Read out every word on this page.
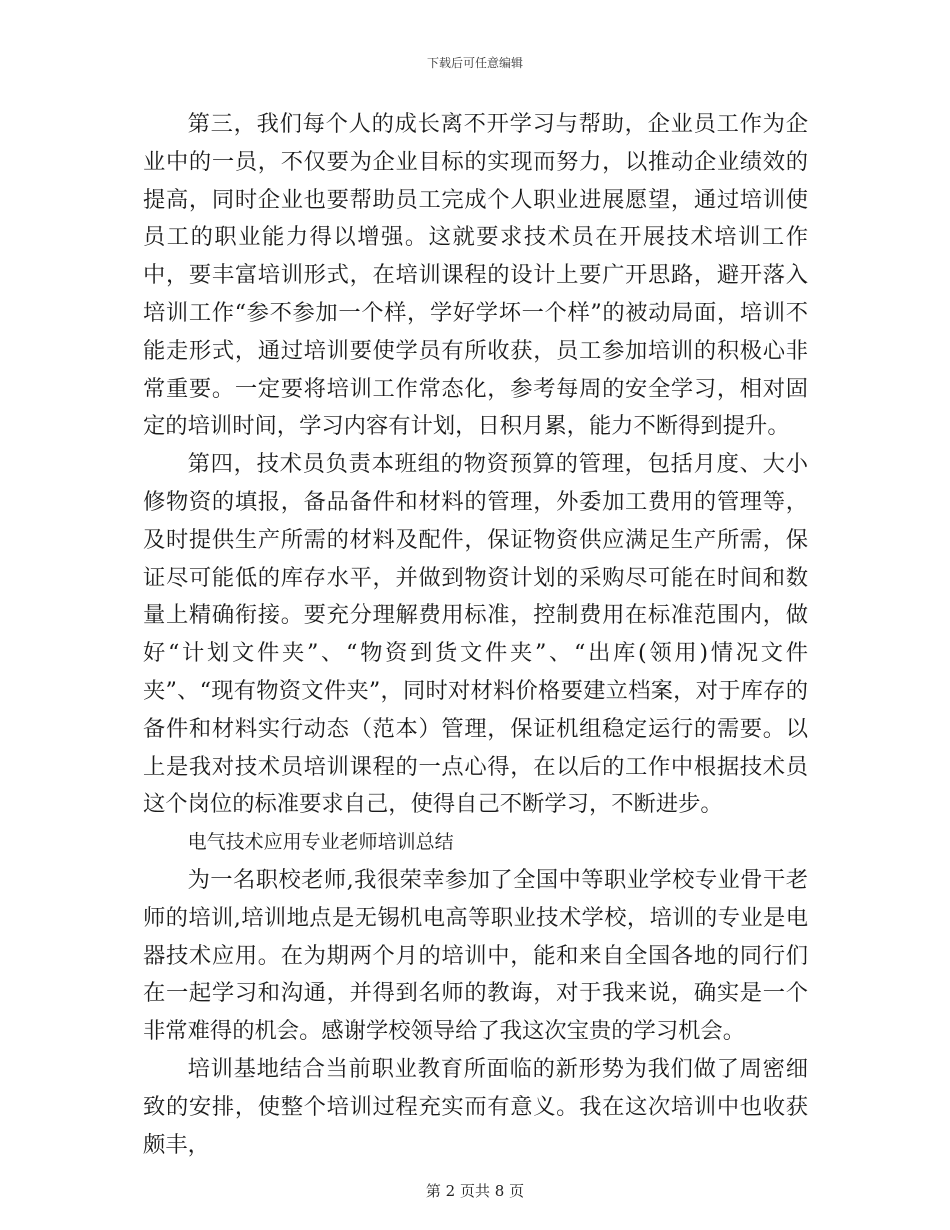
下载后可任意编辑

第三，我们每个人的成长离不开学习与帮助，企业员工作为企业中的一员，不仅要为企业目标的实现而努力，以推动企业绩效的提高，同时企业也要帮助员工完成个人职业进展愿望，通过培训使员工的职业能力得以增强。这就要求技术员在开展技术培训工作中，要丰富培训形式，在培训课程的设计上要广开思路，避开落入培训工作“参不参加一个样，学好学坏一个样”的被动局面，培训不能走形式，通过培训要使学员有所收获，员工参加培训的积极心非常重要。一定要将培训工作常态化，参考每周的安全学习，相对固定的培训时间，学习内容有计划，日积月累，能力不断得到提升。

第四，技术员负责本班组的物资预算的管理，包括月度、大小修物资的填报，备品备件和材料的管理，外委加工费用的管理等，及时提供生产所需的材料及配件，保证物资供应满足生产所需，保证尽可能低的库存水平，并做到物资计划的采购尽可能在时间和数量上精确衔接。要充分理解费用标准，控制费用在标准范围内，做好“计划文件夹”、“物资到货文件夹”、“出库(领用)情况文件夹”、“现有物资文件夹”，同时对材料价格要建立档案，对于库存的备件和材料实行动态（范本）管理，保证机组稳定运行的需要。以上是我对技术员培训课程的一点心得，在以后的工作中根据技术员这个岗位的标准要求自己，使得自己不断学习，不断进步。

电气技术应用专业老师培训总结

为一名职校老师,我很荣幸参加了全国中等职业学校专业骨干老师的培训,培训地点是无锡机电高等职业技术学校，培训的专业是电器技术应用。在为期两个月的培训中，能和来自全国各地的同行们在一起学习和沟通，并得到名师的教诲，对于我来说，确实是一个非常难得的机会。感谢学校领导给了我这次宝贵的学习机会。

培训基地结合当前职业教育所面临的新形势为我们做了周密细致的安排，使整个培训过程充实而有意义。我在这次培训中也收获颇丰，

第 2 页共 8 页
